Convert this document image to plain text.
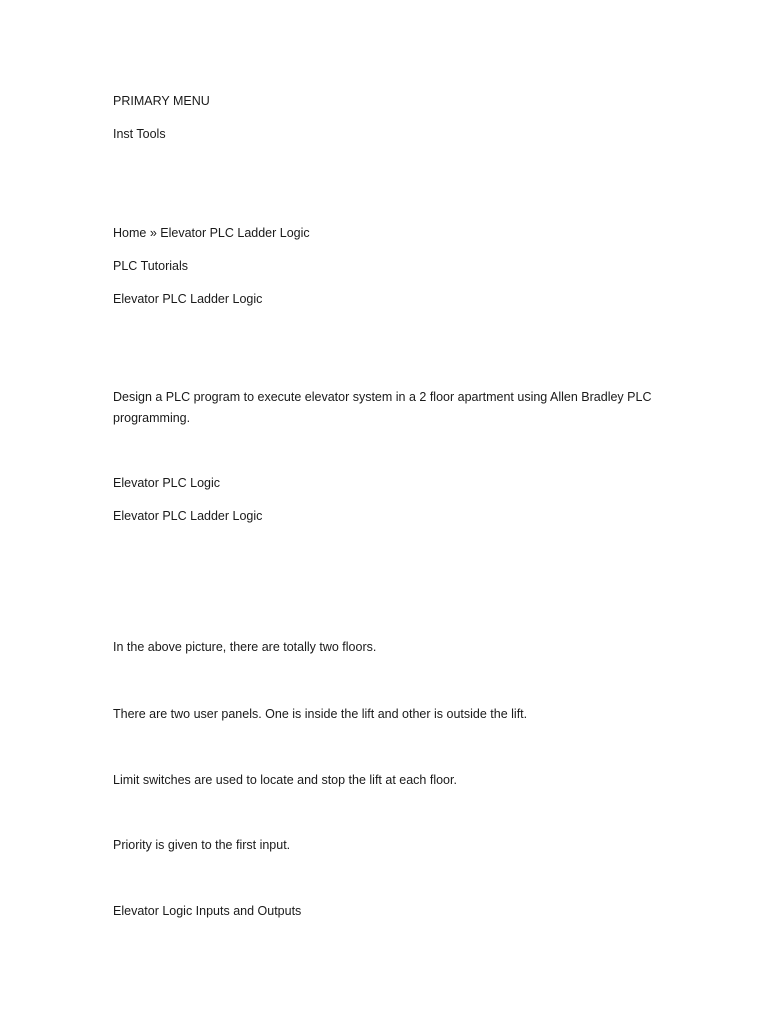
PRIMARY MENU
Inst Tools

Home » Elevator PLC Ladder Logic

PLC Tutorials

Elevator PLC Ladder Logic

Design a PLC program to execute elevator system in a 2 floor apartment using Allen Bradley PLC programming.

Elevator PLC Logic

Elevator PLC Ladder Logic

In the above picture, there are totally two floors.

There are two user panels. One is inside the lift and other is outside the lift.

Limit switches are used to locate and stop the lift at each floor.

Priority is given to the first input.

Elevator Logic Inputs and Outputs
